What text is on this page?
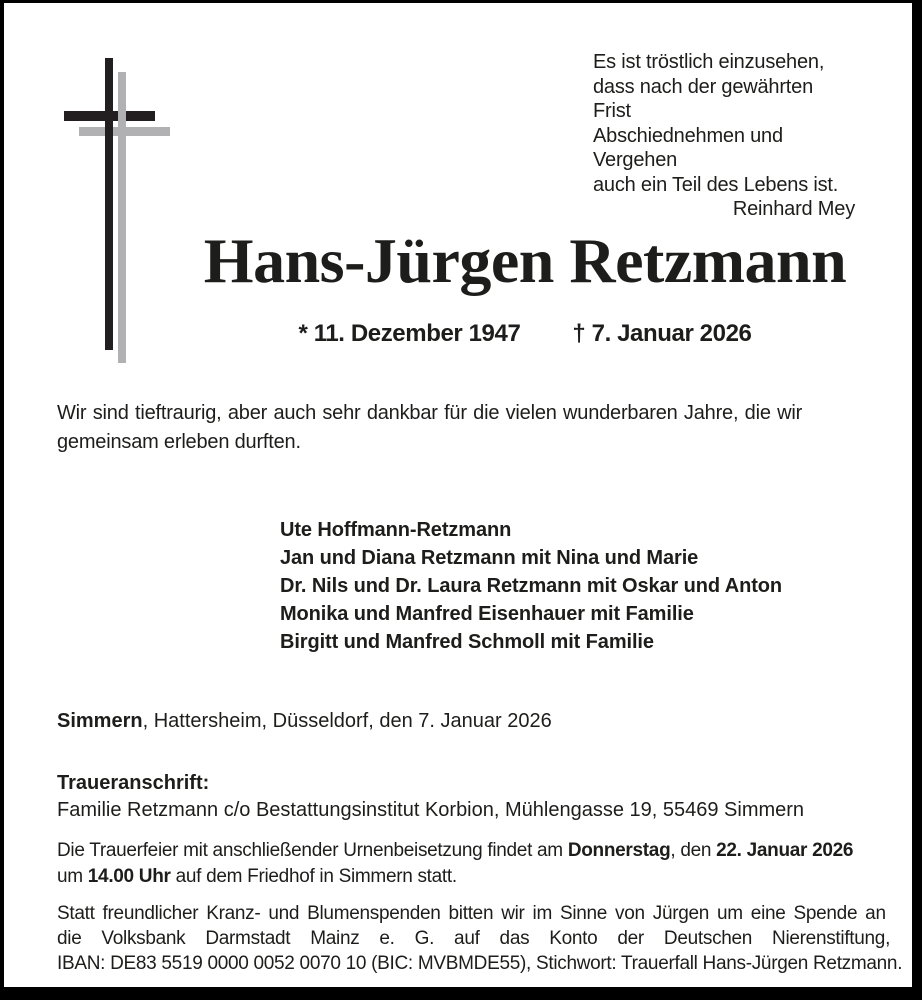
Es ist tröstlich einzusehen,
dass nach der gewährten Frist
Abschiednehmen und Vergehen
auch ein Teil des Lebens ist.
Reinhard Mey
Hans-Jürgen Retzmann
* 11. Dezember 1947 † 7. Januar 2026
Wir sind tieftraurig, aber auch sehr dankbar für die vielen wunderbaren Jahre, die wir
gemeinsam erleben durften.
Ute Hoffmann-Retzmann
Jan und Diana Retzmann mit Nina und Marie
Dr. Nils und Dr. Laura Retzmann mit Oskar und Anton
Monika und Manfred Eisenhauer mit Familie
Birgitt und Manfred Schmoll mit Familie
Simmern, Hattersheim, Düsseldorf, den 7. Januar 2026
Traueranschrift:
Familie Retzmann c/o Bestattungsinstitut Korbion, Mühlengasse 19, 55469 Simmern
Die Trauerfeier mit anschließender Urnenbeisetzung findet am Donnerstag, den 22. Januar 2026
um 14.00 Uhr auf dem Friedhof in Simmern statt.
Statt freundlicher Kranz- und Blumenspenden bitten wir im Sinne von Jürgen um eine Spende an
die Volksbank Darmstadt Mainz e. G. auf das Konto der Deutschen Nierenstiftung,
IBAN: DE83 5519 0000 0052 0070 10 (BIC: MVBMDE55), Stichwort: Trauerfall Hans-Jürgen Retzmann.
